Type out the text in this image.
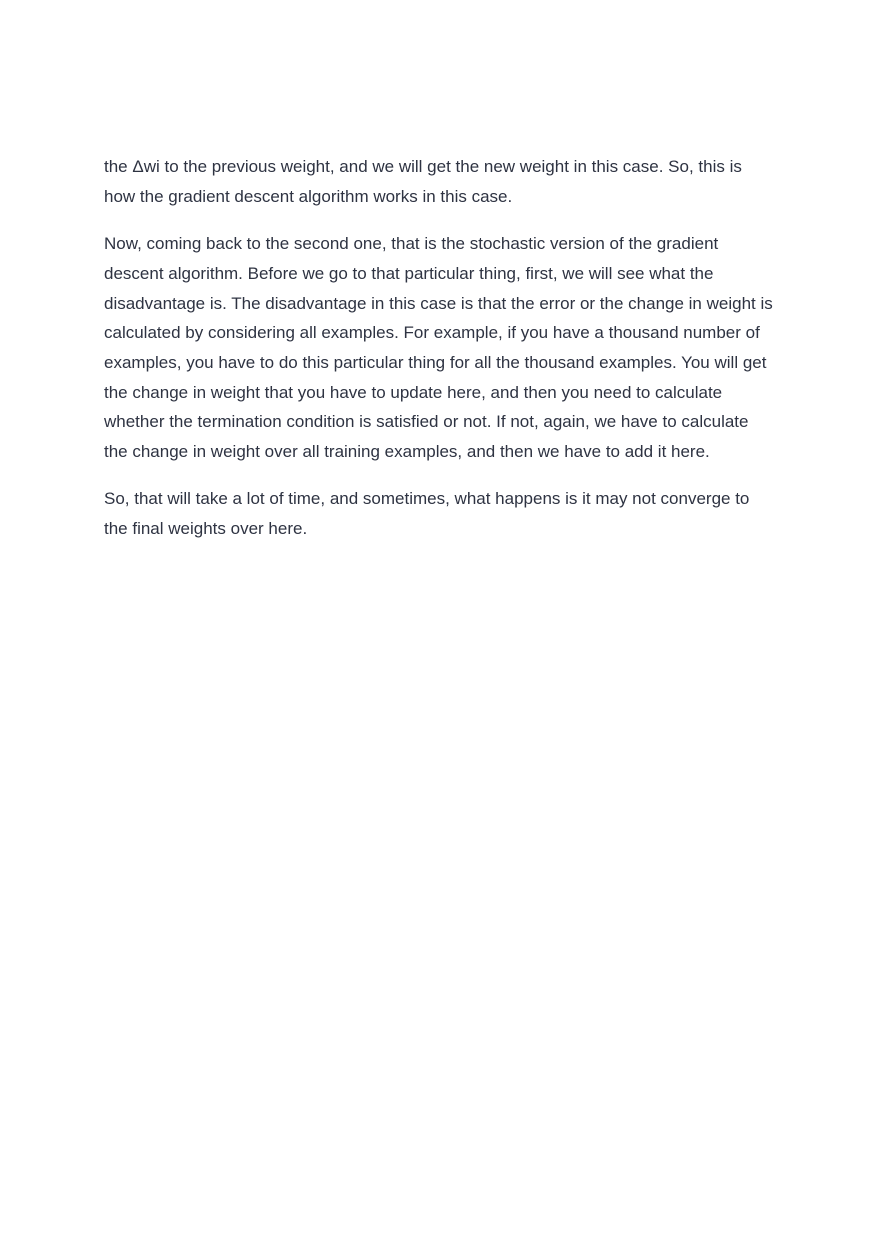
the Δwi to the previous weight, and we will get the new weight in this case. So, this is how the gradient descent algorithm works in this case.

Now, coming back to the second one, that is the stochastic version of the gradient descent algorithm. Before we go to that particular thing, first, we will see what the disadvantage is. The disadvantage in this case is that the error or the change in weight is calculated by considering all examples. For example, if you have a thousand number of examples, you have to do this particular thing for all the thousand examples. You will get the change in weight that you have to update here, and then you need to calculate whether the termination condition is satisfied or not. If not, again, we have to calculate the change in weight over all training examples, and then we have to add it here.

So, that will take a lot of time, and sometimes, what happens is it may not converge to the final weights over here.
